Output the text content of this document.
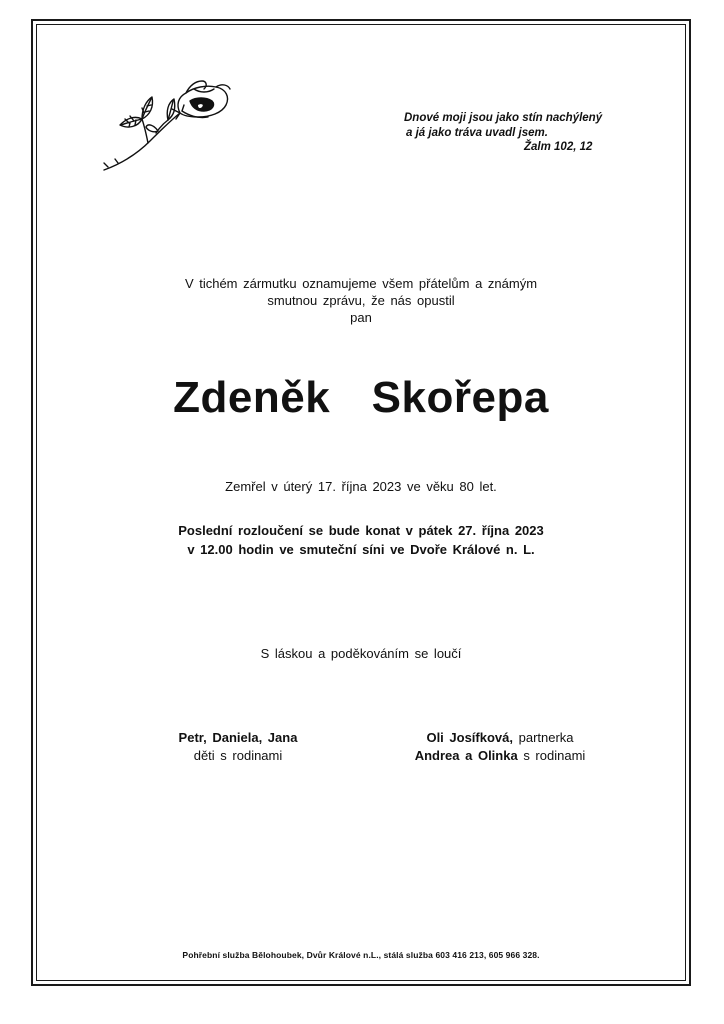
Dnové moji jsou jako stín nachýlený
a já jako tráva uvadl jsem.
Žalm 102, 12
V tichém zármutku oznamujeme všem přátelům a známým
smutnou zprávu, že nás opustil
pan
Zdeněk  Skořepa
Zemřel v úterý 17. října 2023 ve věku 80 let.
Poslední rozloučení se bude konat v pátek 27. října 2023
v 12.00 hodin ve smuteční síni ve Dvoře Králové n. L.
S láskou a poděkováním se loučí
Petr, Daniela, Jana
děti s rodinami
Oli Josífková, partnerka
Andrea a Olinka s rodinami
Pohřební služba Bělohoubek, Dvůr Králové n.L., stálá služba 603 416 213, 605 966 328.
